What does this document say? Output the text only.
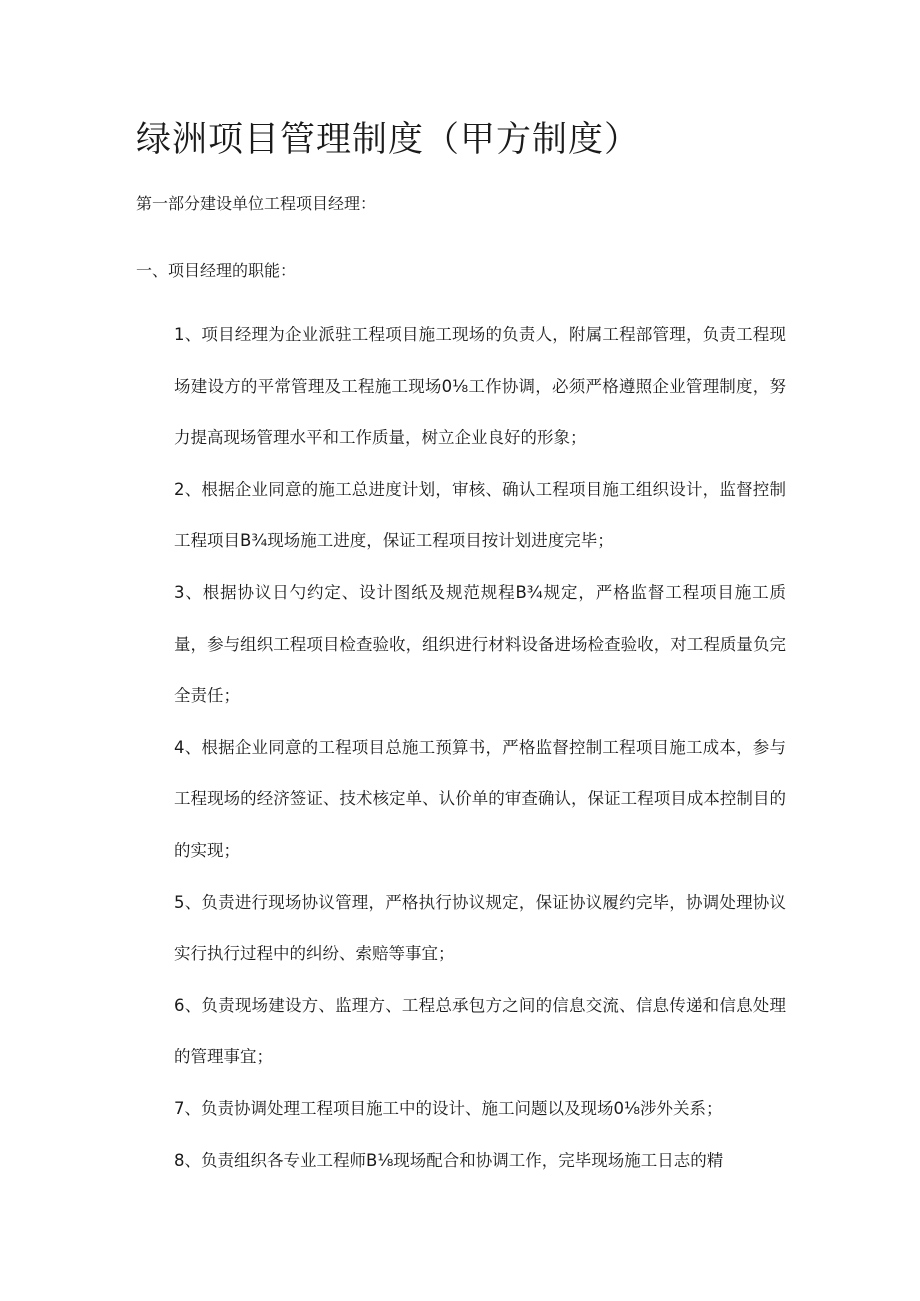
绿洲项目管理制度（甲方制度）

第一部分建设单位工程项目经理：

一、项目经理的职能：

1、项目经理为企业派驻工程项目施工现场的负责人，附属工程部管理，负责工程现场建设方的平常管理及工程施工现场0⅛工作协调，必须严格遵照企业管理制度，努力提高现场管理水平和工作质量，树立企业良好的形象；
2、根据企业同意的施工总进度计划，审核、确认工程项目施工组织设计，监督控制工程项目B¾现场施工进度，保证工程项目按计划进度完毕；
3、根据协议日勺约定、设计图纸及规范规程B¾规定，严格监督工程项目施工质量，参与组织工程项目检查验收，组织进行材料设备进场检查验收，对工程质量负完全责任；
4、根据企业同意的工程项目总施工预算书，严格监督控制工程项目施工成本，参与工程现场的经济签证、技术核定单、认价单的审查确认，保证工程项目成本控制目的的实现；
5、负责进行现场协议管理，严格执行协议规定，保证协议履约完毕，协调处理协议实行执行过程中的纠纷、索赔等事宜；
6、负责现场建设方、监理方、工程总承包方之间的信息交流、信息传递和信息处理的管理事宜；
7、负责协调处理工程项目施工中的设计、施工问题以及现场0⅛涉外关系；
8、负责组织各专业工程师B⅛现场配合和协调工作，完毕现场施工日志的精
